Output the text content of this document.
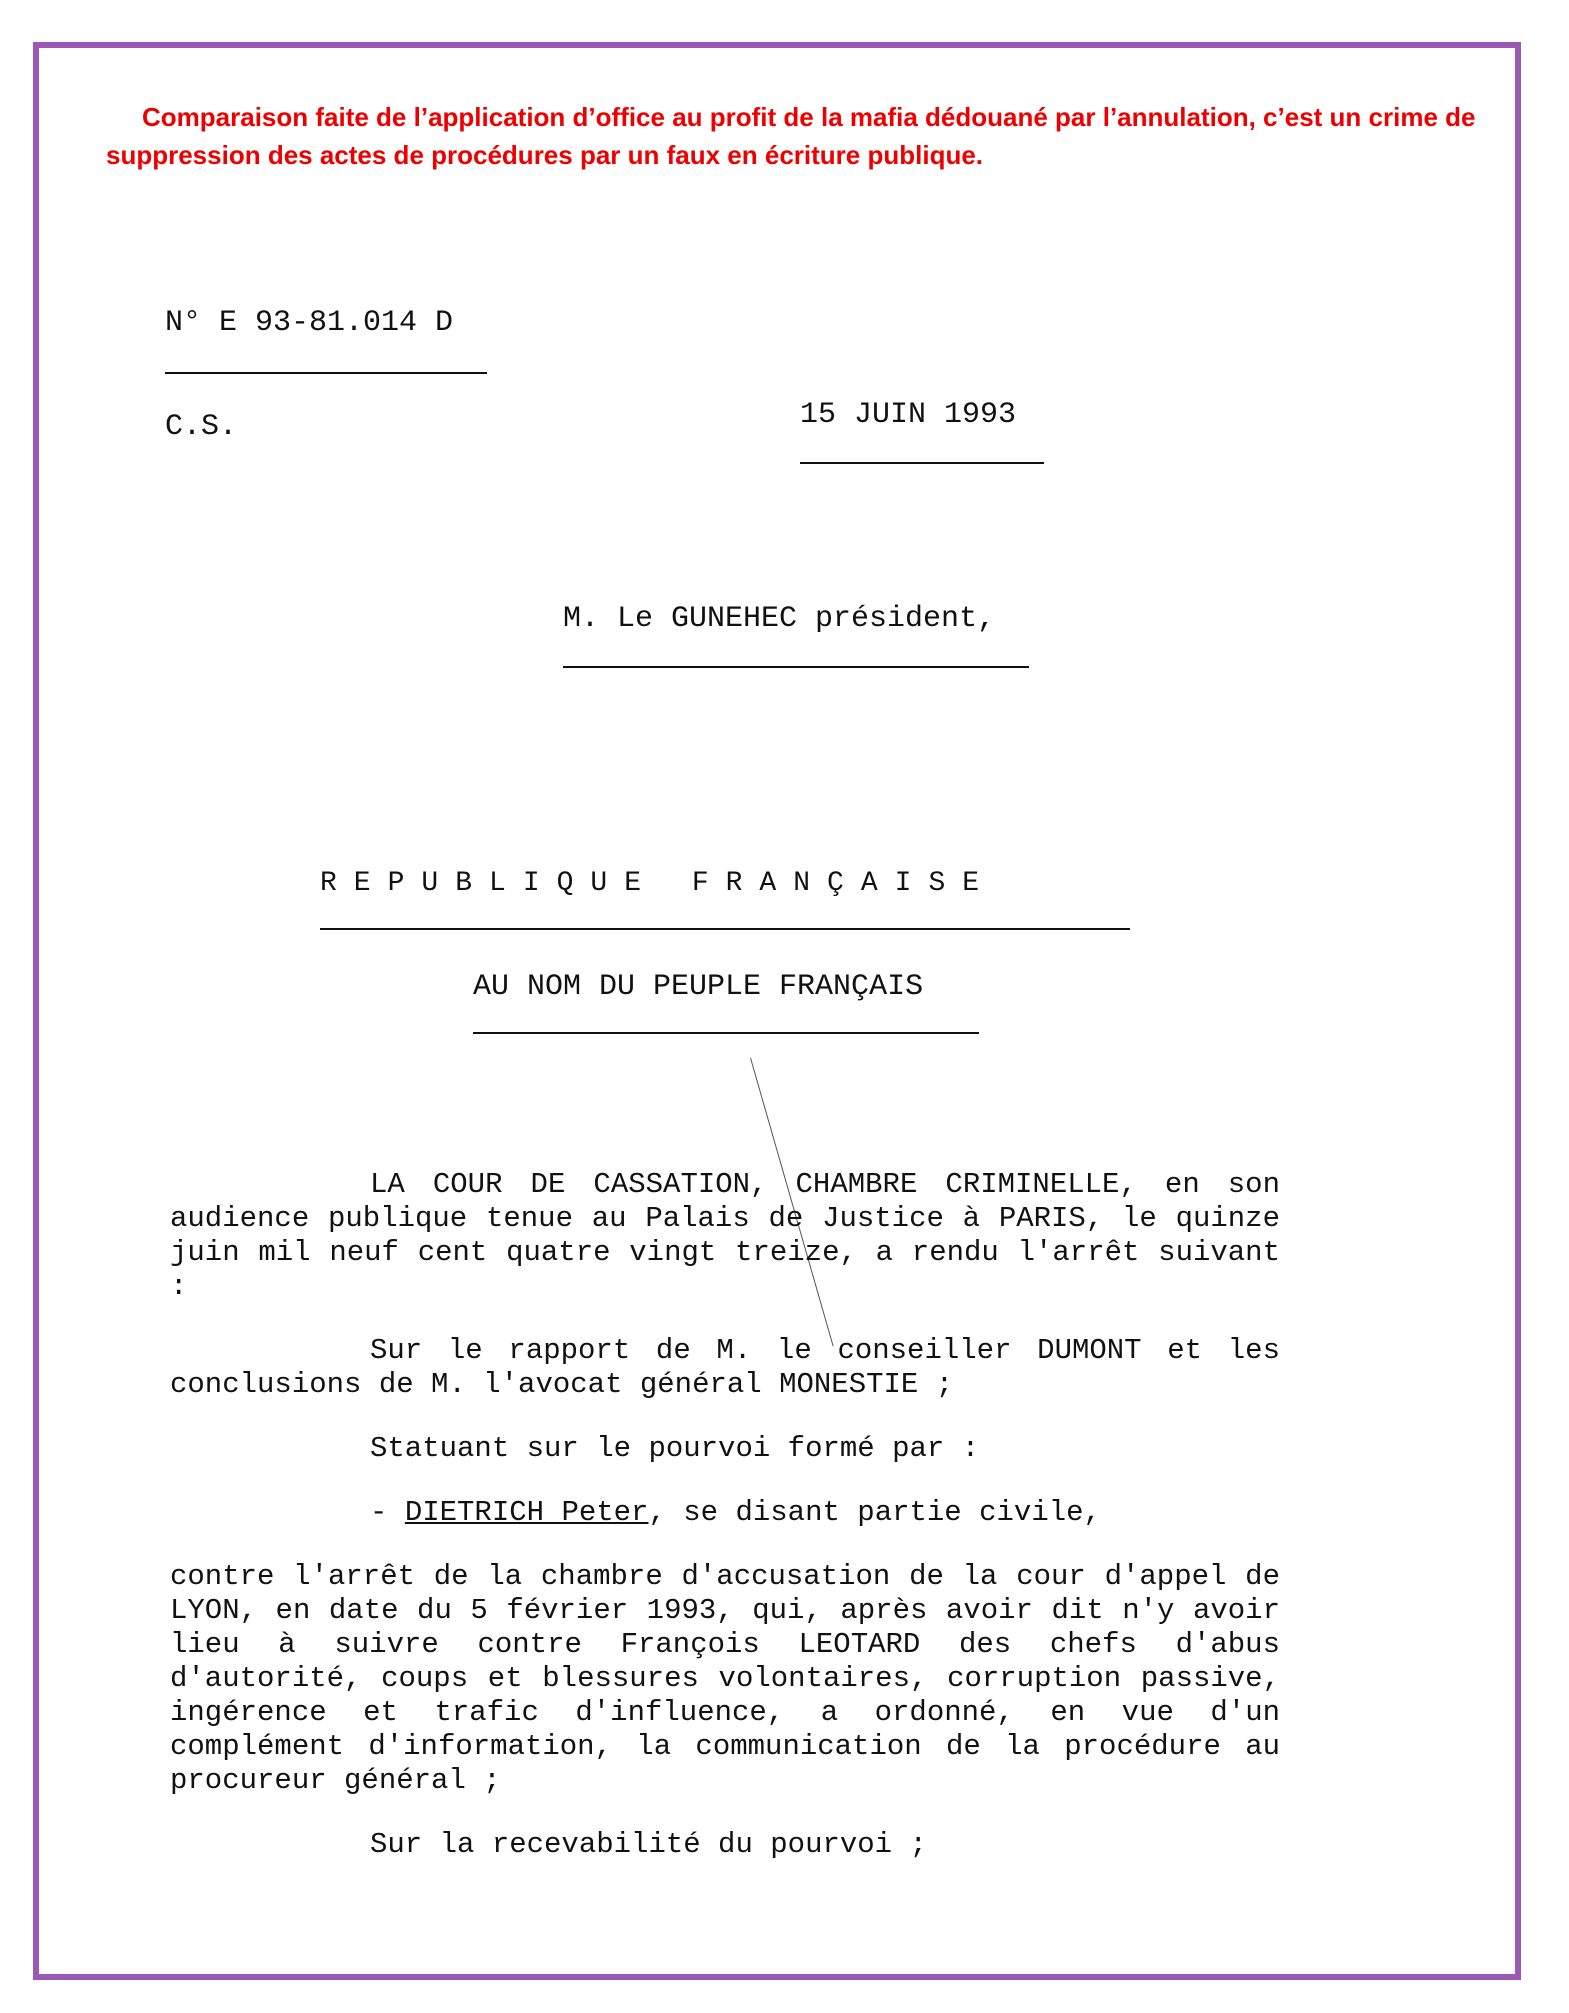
Comparaison faite de l’application d’office au profit de la mafia dédouané par l’annulation, c’est un crime de suppression des actes de procédures par un faux en écriture publique.
N° E 93-81.014 D
C.S.	15 JUIN 1993
M. Le GUNEHEC président,
REPUBLIQUE FRANÇAISE
AU NOM DU PEUPLE FRANÇAIS

LA COUR DE CASSATION, CHAMBRE CRIMINELLE, en son audience publique tenue au Palais de Justice à PARIS, le quinze juin mil neuf cent quatre vingt treize, a rendu l'arrêt suivant :

Sur le rapport de M. le conseiller DUMONT et les conclusions de M. l'avocat général MONESTIE ;

Statuant sur le pourvoi formé par :

- DIETRICH Peter, se disant partie civile,

contre l'arrêt de la chambre d'accusation de la cour d'appel de LYON, en date du 5 février 1993, qui, après avoir dit n'y avoir lieu à suivre contre François LEOTARD des chefs d'abus d'autorité, coups et blessures volontaires, corruption passive, ingérence et trafic d'influence, a ordonné, en vue d'un complément d'information, la communication de la procédure au procureur général ;

Sur la recevabilité du pourvoi ;
